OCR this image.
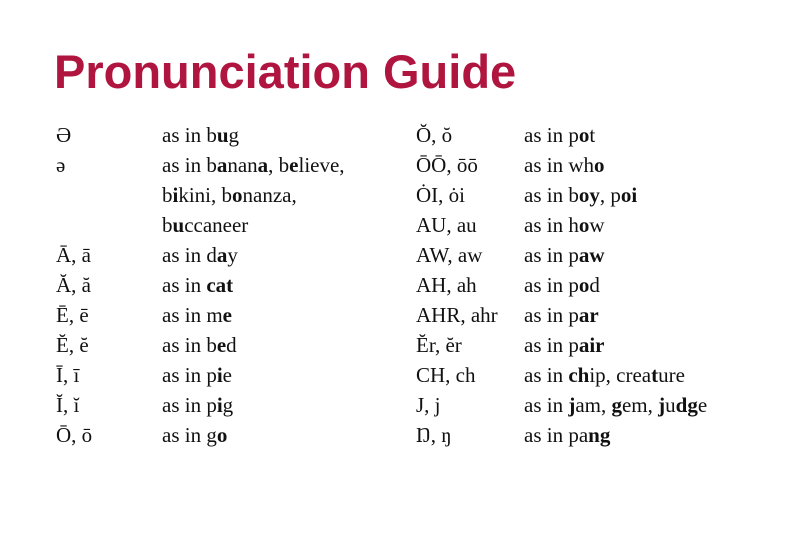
Pronunciation Guide
Ə	as in bug
ə	as in banana, believe,
bikini, bonanza,
buccaneer
Ā, ā	as in day
Ă, ă	as in cat
Ē, ē	as in me
Ĕ, ĕ	as in bed
Ī, ī	as in pie
Ĭ, ĭ	as in pig
Ō, ō	as in go
Ŏ, ŏ	as in pot
ŌŌ, ōō as in who
ȮI, ȯi	as in boy, poi
AU, au as in how
AW, aw as in paw
AH, ah as in pod
AHR, ahr as in par
Ĕr, ĕr	as in pair
CH, ch as in chip, creature
J, j	as in jam, gem, judge
Ŋ, ŋ	as in pang
